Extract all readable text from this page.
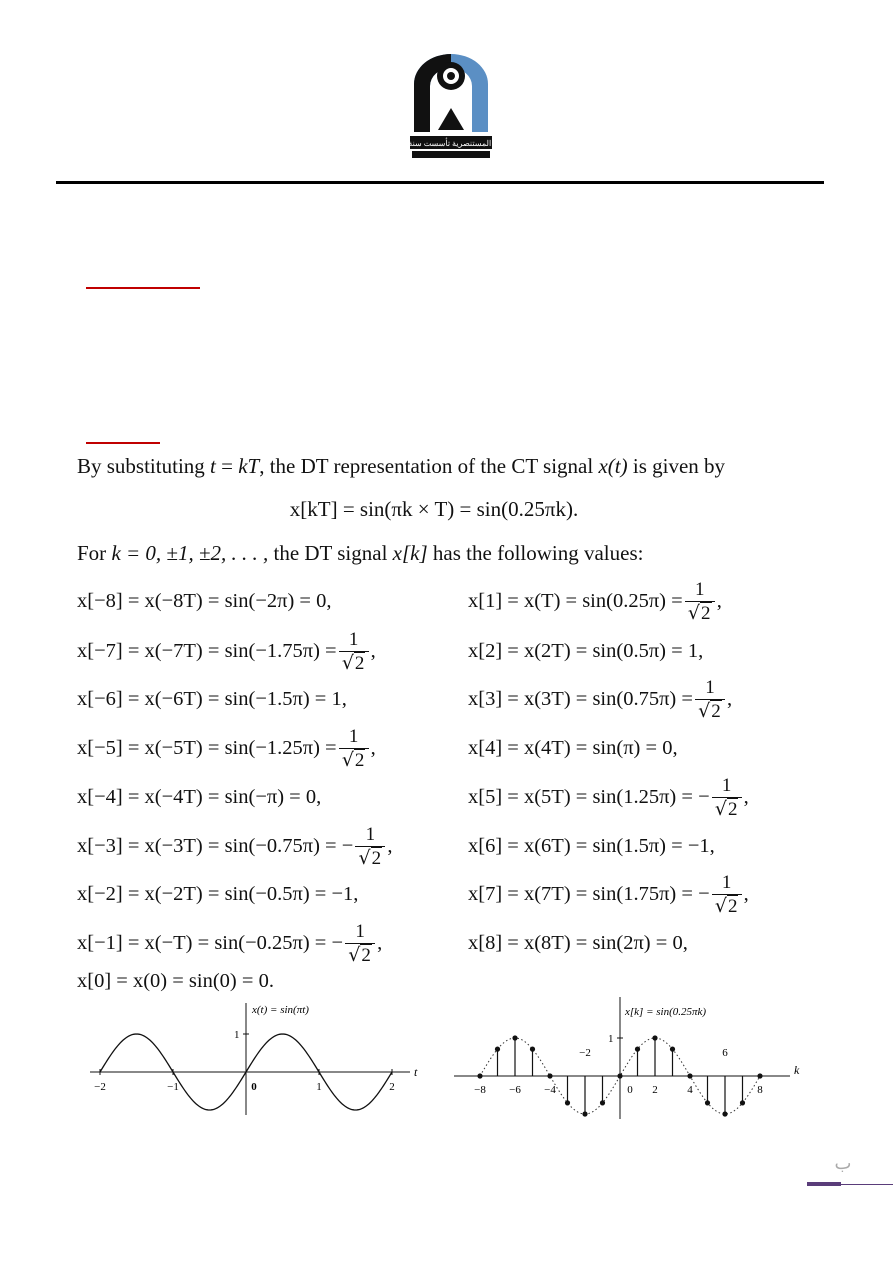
الجامعة المستنصرية تأسست سنة ١٩٦٣م
By substituting t = kT, the DT representation of the CT signal x(t) is given by
x[kT] = sin(πk × T) = sin(0.25πk).
For k = 0, ±1, ±2, . . . , the DT signal x[k] has the following values:
x[−8] = x(−8T) = sin(−2π) = 0,
$x[-7] = x(-7T) = \sin(-1.75\pi) = \frac{1}{√2}$ ,
x[−6] = x(−6T) = sin(−1.5π) = 1,
$x[-5] = x(-5T) = \sin(-1.25\pi) = \frac{1}{√2}$ ,
x[−4] = x(−4T) = sin(−π) = 0,
x[−3] = x(−3T) = sin(−0.75π) = − $\frac{1}{√2}$ ,
x[−2] = x(−2T) = sin(−0.5π) = −1,
x[−1] = x(−T) = sin(−0.25π) = − $\frac{1}{√2}$ ,
$x[1] = x(T) = \sin(0.25\pi) = \frac{1}{√2}$ ,
x[2] = x(2T) = sin(0.5π) = 1,
$x[3] = x(3T) = \sin(0.75\pi) = \frac{1}{√2}$ ,
x[4] = x(4T) = sin(π) = 0,
x[5] = x(5T) = sin(1.25π) = − $\frac{1}{√2}$ ,
x[6] = x(6T) = sin(1.5π) = −1,
x[7] = x(7T) = sin(1.75π) = − $\frac{1}{√2}$ ,
x[8] = x(8T) = sin(2π) = 0,
x[0] = x(0) = sin(0) = 0.
−2	−1	0	1	2
x(t) = sin(πt)
t
1
−8 −6 −4
−2
0 2	4
6
8
x[k] = sin(0.25πk)
k
1
ب
